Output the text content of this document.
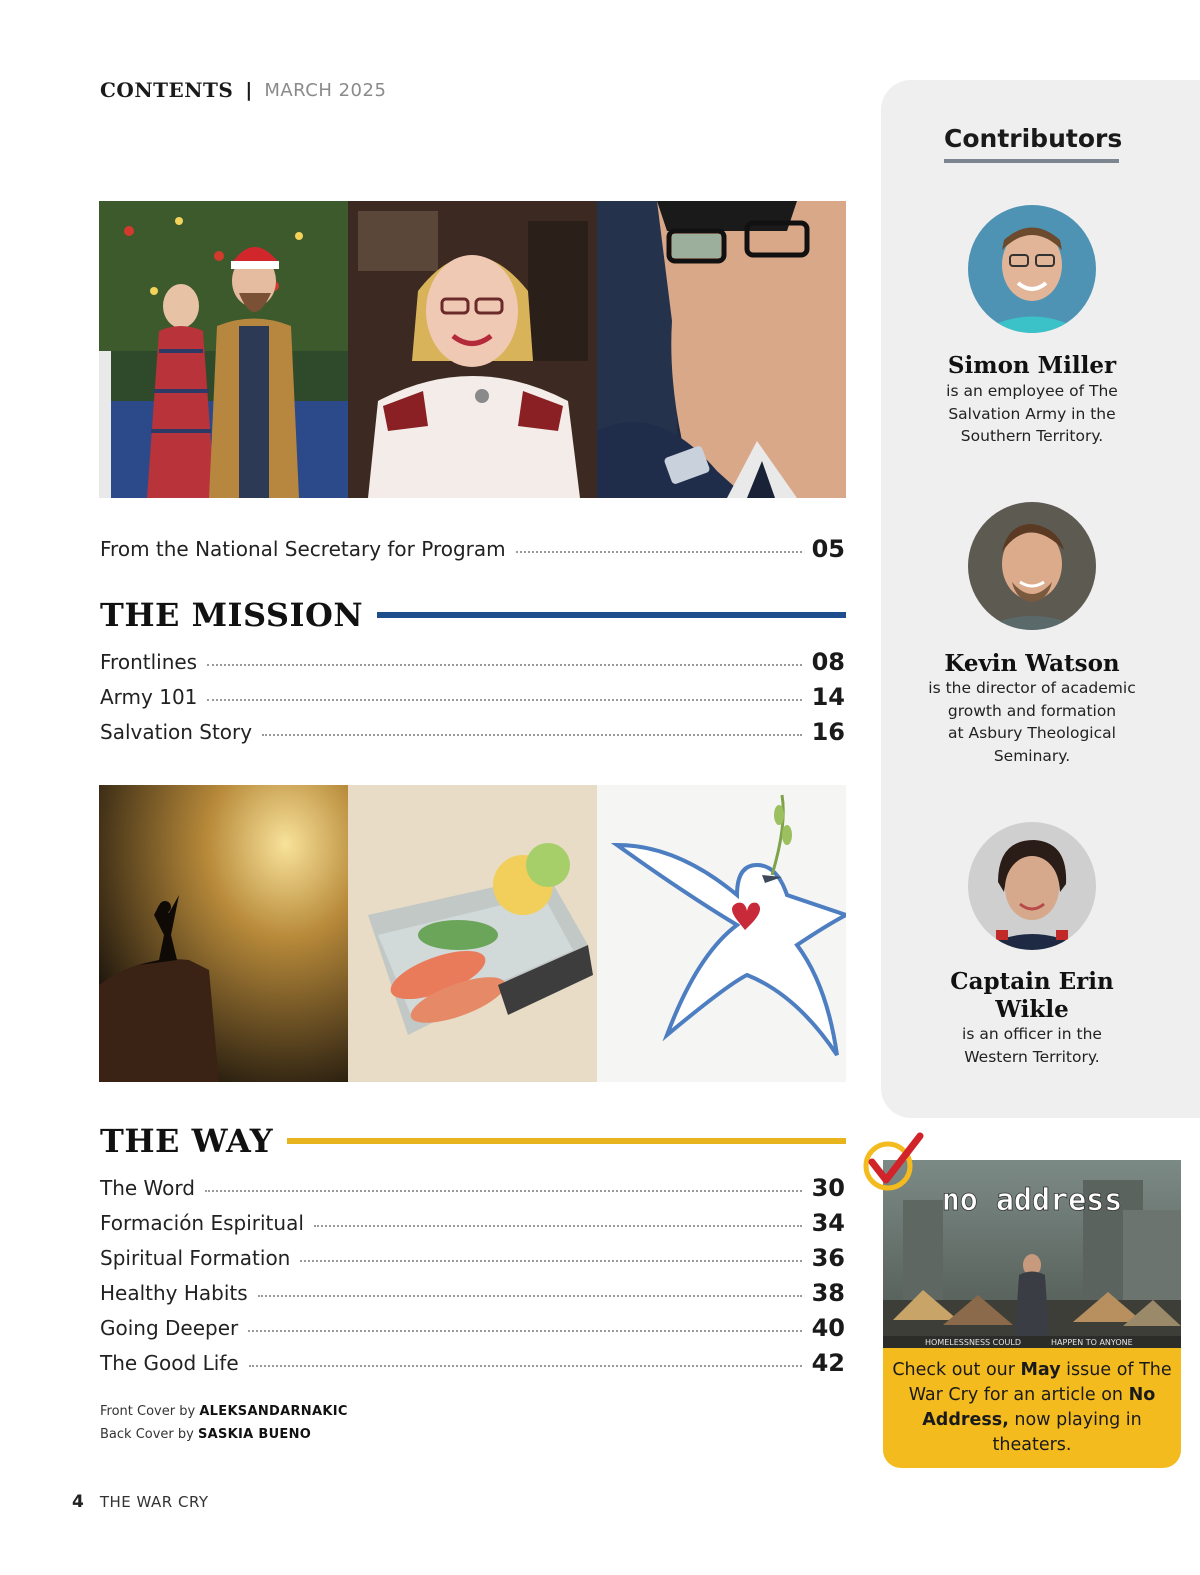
CONTENTS | MARCH 2025
From the National Secretary for Program	05
THE MISSION
Frontlines	08
Army 101	14
Salvation Story	16
THE WAY
The Word	30
Formación Espiritual	34
Spiritual Formation	36
Healthy Habits	38
Going Deeper	40
The Good Life	42
Front Cover by ALEKSANDARNAKIC
Back Cover by SASKIA BUENO
4 THE WAR CRY
Contributors
Simon Miller
is an employee of The
Salvation Army in the
Southern Territory.
Kevin Watson
is the director of academic
growth and formation
at Asbury Theological
Seminary.
Captain Erin
Wikle
is an officer in the
Western Territory.
no address
HOMELESSNESS COULD	HAPPEN TO ANYONE
Check out our May issue of The War Cry for an article on No Address, now playing in theaters.
